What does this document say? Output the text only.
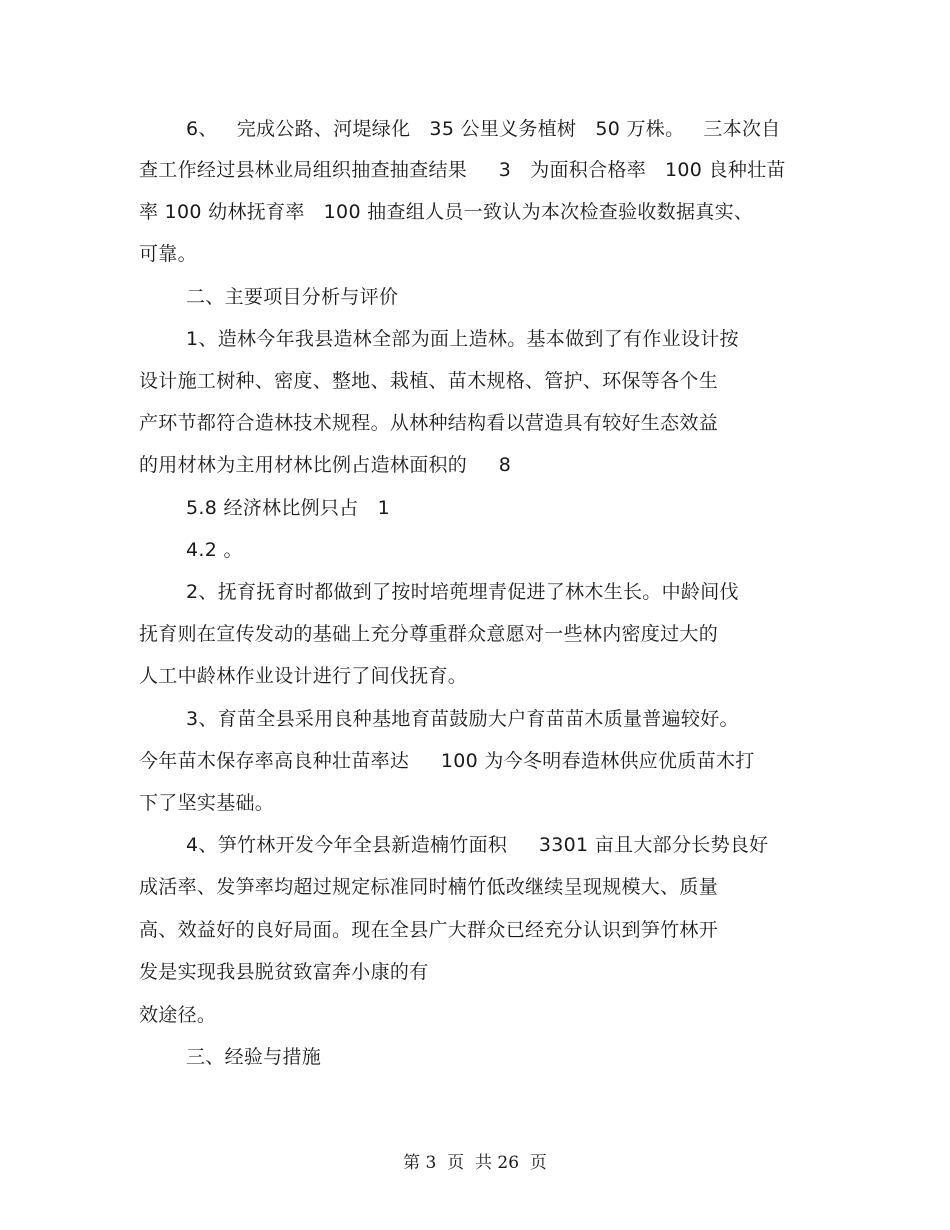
6、   完成公路、河堤绿化   35 公里义务植树   50 万株。   三本次自
查工作经过县林业局组织抽查抽查结果     3   为面积合格率   100 良种壮苗
率 100 幼林抚育率   100 抽查组人员一致认为本次检查验收数据真实、
可靠。
二、主要项目分析与评价
1、造林今年我县造林全部为面上造林。基本做到了有作业设计按
设计施工树种、密度、整地、栽植、苗木规格、管护、环保等各个生
产环节都符合造林技术规程。从林种结构看以营造具有较好生态效益
的用材林为主用材林比例占造林面积的     8
5.8 经济林比例只占   1
4.2 。
2、抚育抚育时都做到了按时培蔸埋青促进了林木生长。中龄间伐
抚育则在宣传发动的基础上充分尊重群众意愿对一些林内密度过大的
人工中龄林作业设计进行了间伐抚育。
3、育苗全县采用良种基地育苗鼓励大户育苗苗木质量普遍较好。
今年苗木保存率高良种壮苗率达     100 为今冬明春造林供应优质苗木打
下了坚实基础。
4、笋竹林开发今年全县新造楠竹面积     3301 亩且大部分长势良好
成活率、发笋率均超过规定标准同时楠竹低改继续呈现规模大、质量
高、效益好的良好局面。现在全县广大群众已经充分认识到笋竹林开
发是实现我县脱贫致富奔小康的有
效途径。
三、经验与措施
第 3  页  共 26  页
